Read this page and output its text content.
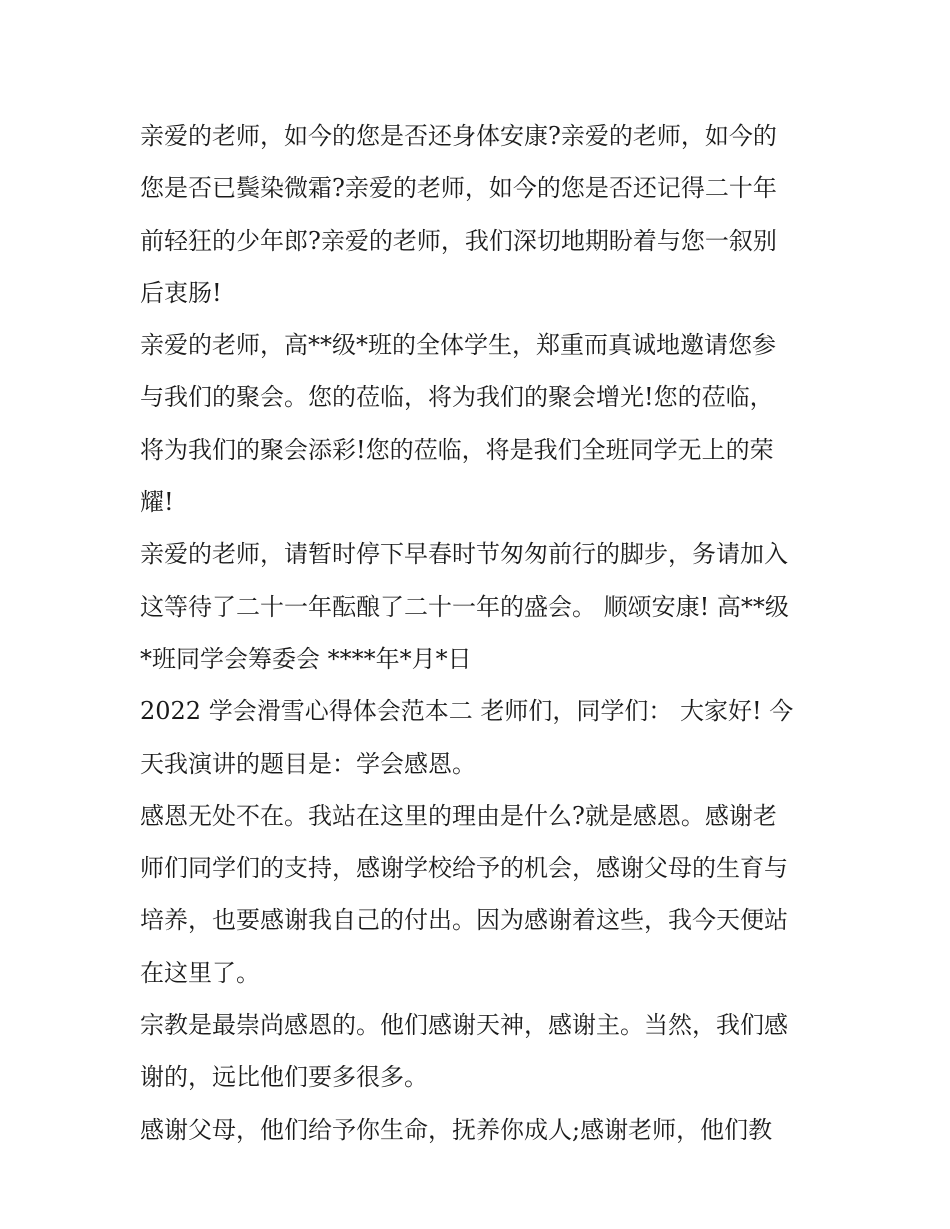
亲爱的老师，如今的您是否还身体安康?亲爱的老师，如今的
您是否已鬓染微霜?亲爱的老师，如今的您是否还记得二十年
前轻狂的少年郎?亲爱的老师，我们深切地期盼着与您一叙别
后衷肠!
亲爱的老师，高**级*班的全体学生，郑重而真诚地邀请您参
与我们的聚会。您的莅临，将为我们的聚会增光!您的莅临，
将为我们的聚会添彩!您的莅临，将是我们全班同学无上的荣
耀!
亲爱的老师，请暂时停下早春时节匆匆前行的脚步，务请加入
这等待了二十一年酝酿了二十一年的盛会。 顺颂安康! 高**级
*班同学会筹委会 ****年*月*日
2022 学会滑雪心得体会范本二 老师们，同学们： 大家好! 今
天我演讲的题目是：学会感恩。
感恩无处不在。我站在这里的理由是什么?就是感恩。感谢老
师们同学们的支持，感谢学校给予的机会，感谢父母的生育与
培养，也要感谢我自己的付出。因为感谢着这些，我今天便站
在这里了。
宗教是最崇尚感恩的。他们感谢天神，感谢主。当然，我们感
谢的，远比他们要多很多。
感谢父母，他们给予你生命，抚养你成人;感谢老师，他们教
